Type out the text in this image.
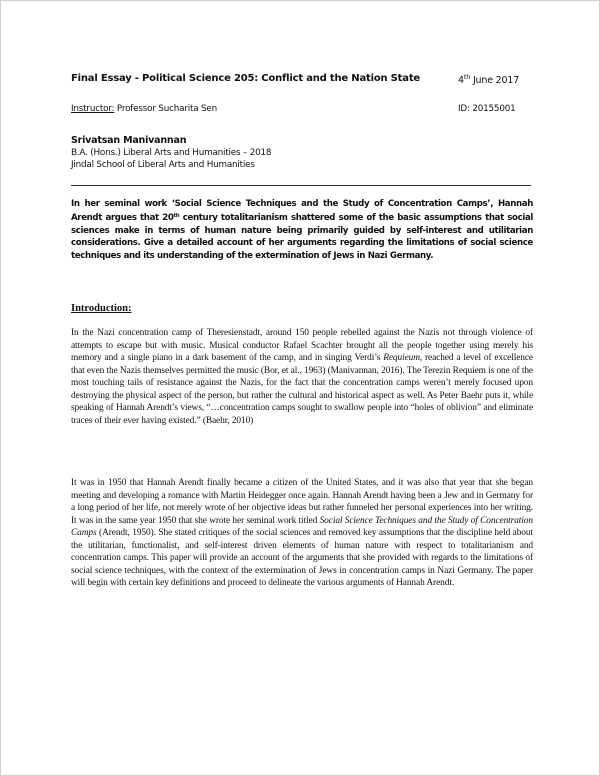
Final Essay - Political Science 205: Conflict and the Nation State	4th June 2017
Instructor: Professor Sucharita Sen	ID: 20155001
Srivatsan Manivannan
B.A. (Hons.) Liberal Arts and Humanities – 2018
Jindal School of Liberal Arts and Humanities
In her seminal work ‘Social Science Techniques and the Study of Concentration Camps’, Hannah Arendt argues that 20th century totalitarianism shattered some of the basic assumptions that social sciences make in terms of human nature being primarily guided by self-interest and utilitarian considerations. Give a detailed account of her arguments regarding the limitations of social science techniques and its understanding of the extermination of Jews in Nazi Germany.
Introduction:
In the Nazi concentration camp of Theresienstadt, around 150 people rebelled against the Nazis not through violence of attempts to escape but with music. Musical conductor Rafael Scachter brought all the people together using merely his memory and a single piano in a dark basement of the camp, and in singing Verdi’s Requieum, reached a level of excellence that even the Nazis themselves permitted the music (Bor, et al., 1963) (Manivannan, 2016). The Terezin Requiem is one of the most touching tails of resistance against the Nazis, for the fact that the concentration camps weren’t merely focused upon destroying the physical aspect of the person, but rather the cultural and historical aspect as well. As Peter Baehr puts it, while speaking of Hannah Arendt’s views, “…concentration camps sought to swallow people into “holes of oblivion” and eliminate traces of their ever having existed.” (Baehr, 2010)
It was in 1950 that Hannah Arendt finally became a citizen of the United States, and it was also that year that she began meeting and developing a romance with Martin Heidegger once again. Hannah Arendt having been a Jew and in Germany for a long period of her life, not merely wrote of her objective ideas but rather funneled her personal experiences into her writing. It was in the same year 1950 that she wrote her seminal work titled Social Science Techniques and the Study of Concentration Camps (Arendt, 1950). She stated critiques of the social sciences and removed key assumptions that the discipline held about the utilitarian, functionalist, and self-interest driven elements of human nature with respect to totalitarianism and concentration camps. This paper will provide an account of the arguments that she provided with regards to the limitations of social science techniques, with the context of the extermination of Jews in concentration camps in Nazi Germany. The paper will begin with certain key definitions and proceed to delineate the various arguments of Hannah Arendt.
